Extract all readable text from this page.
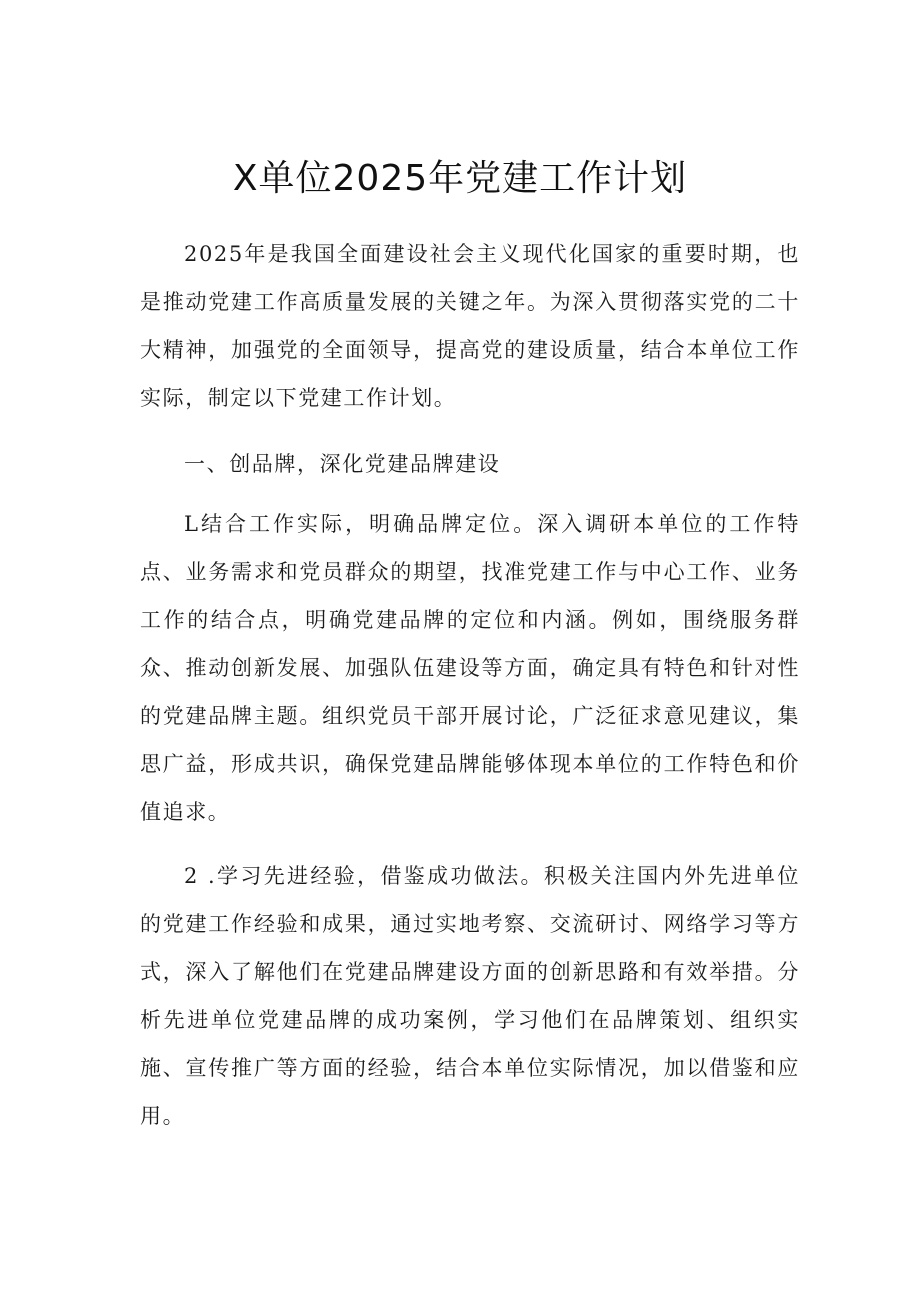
X单位2025年党建工作计划

2025年是我国全面建设社会主义现代化国家的重要时期，也是推动党建工作高质量发展的关键之年。为深入贯彻落实党的二十大精神，加强党的全面领导，提高党的建设质量，结合本单位工作实际，制定以下党建工作计划。

一、创品牌，深化党建品牌建设

L结合工作实际，明确品牌定位。深入调研本单位的工作特点、业务需求和党员群众的期望，找准党建工作与中心工作、业务工作的结合点，明确党建品牌的定位和内涵。例如，围绕服务群众、推动创新发展、加强队伍建设等方面，确定具有特色和针对性的党建品牌主题。组织党员干部开展讨论，广泛征求意见建议，集思广益，形成共识，确保党建品牌能够体现本单位的工作特色和价值追求。

2 .学习先进经验，借鉴成功做法。积极关注国内外先进单位的党建工作经验和成果，通过实地考察、交流研讨、网络学习等方式，深入了解他们在党建品牌建设方面的创新思路和有效举措。分析先进单位党建品牌的成功案例，学习他们在品牌策划、组织实施、宣传推广等方面的经验，结合本单位实际情况，加以借鉴和应用。
